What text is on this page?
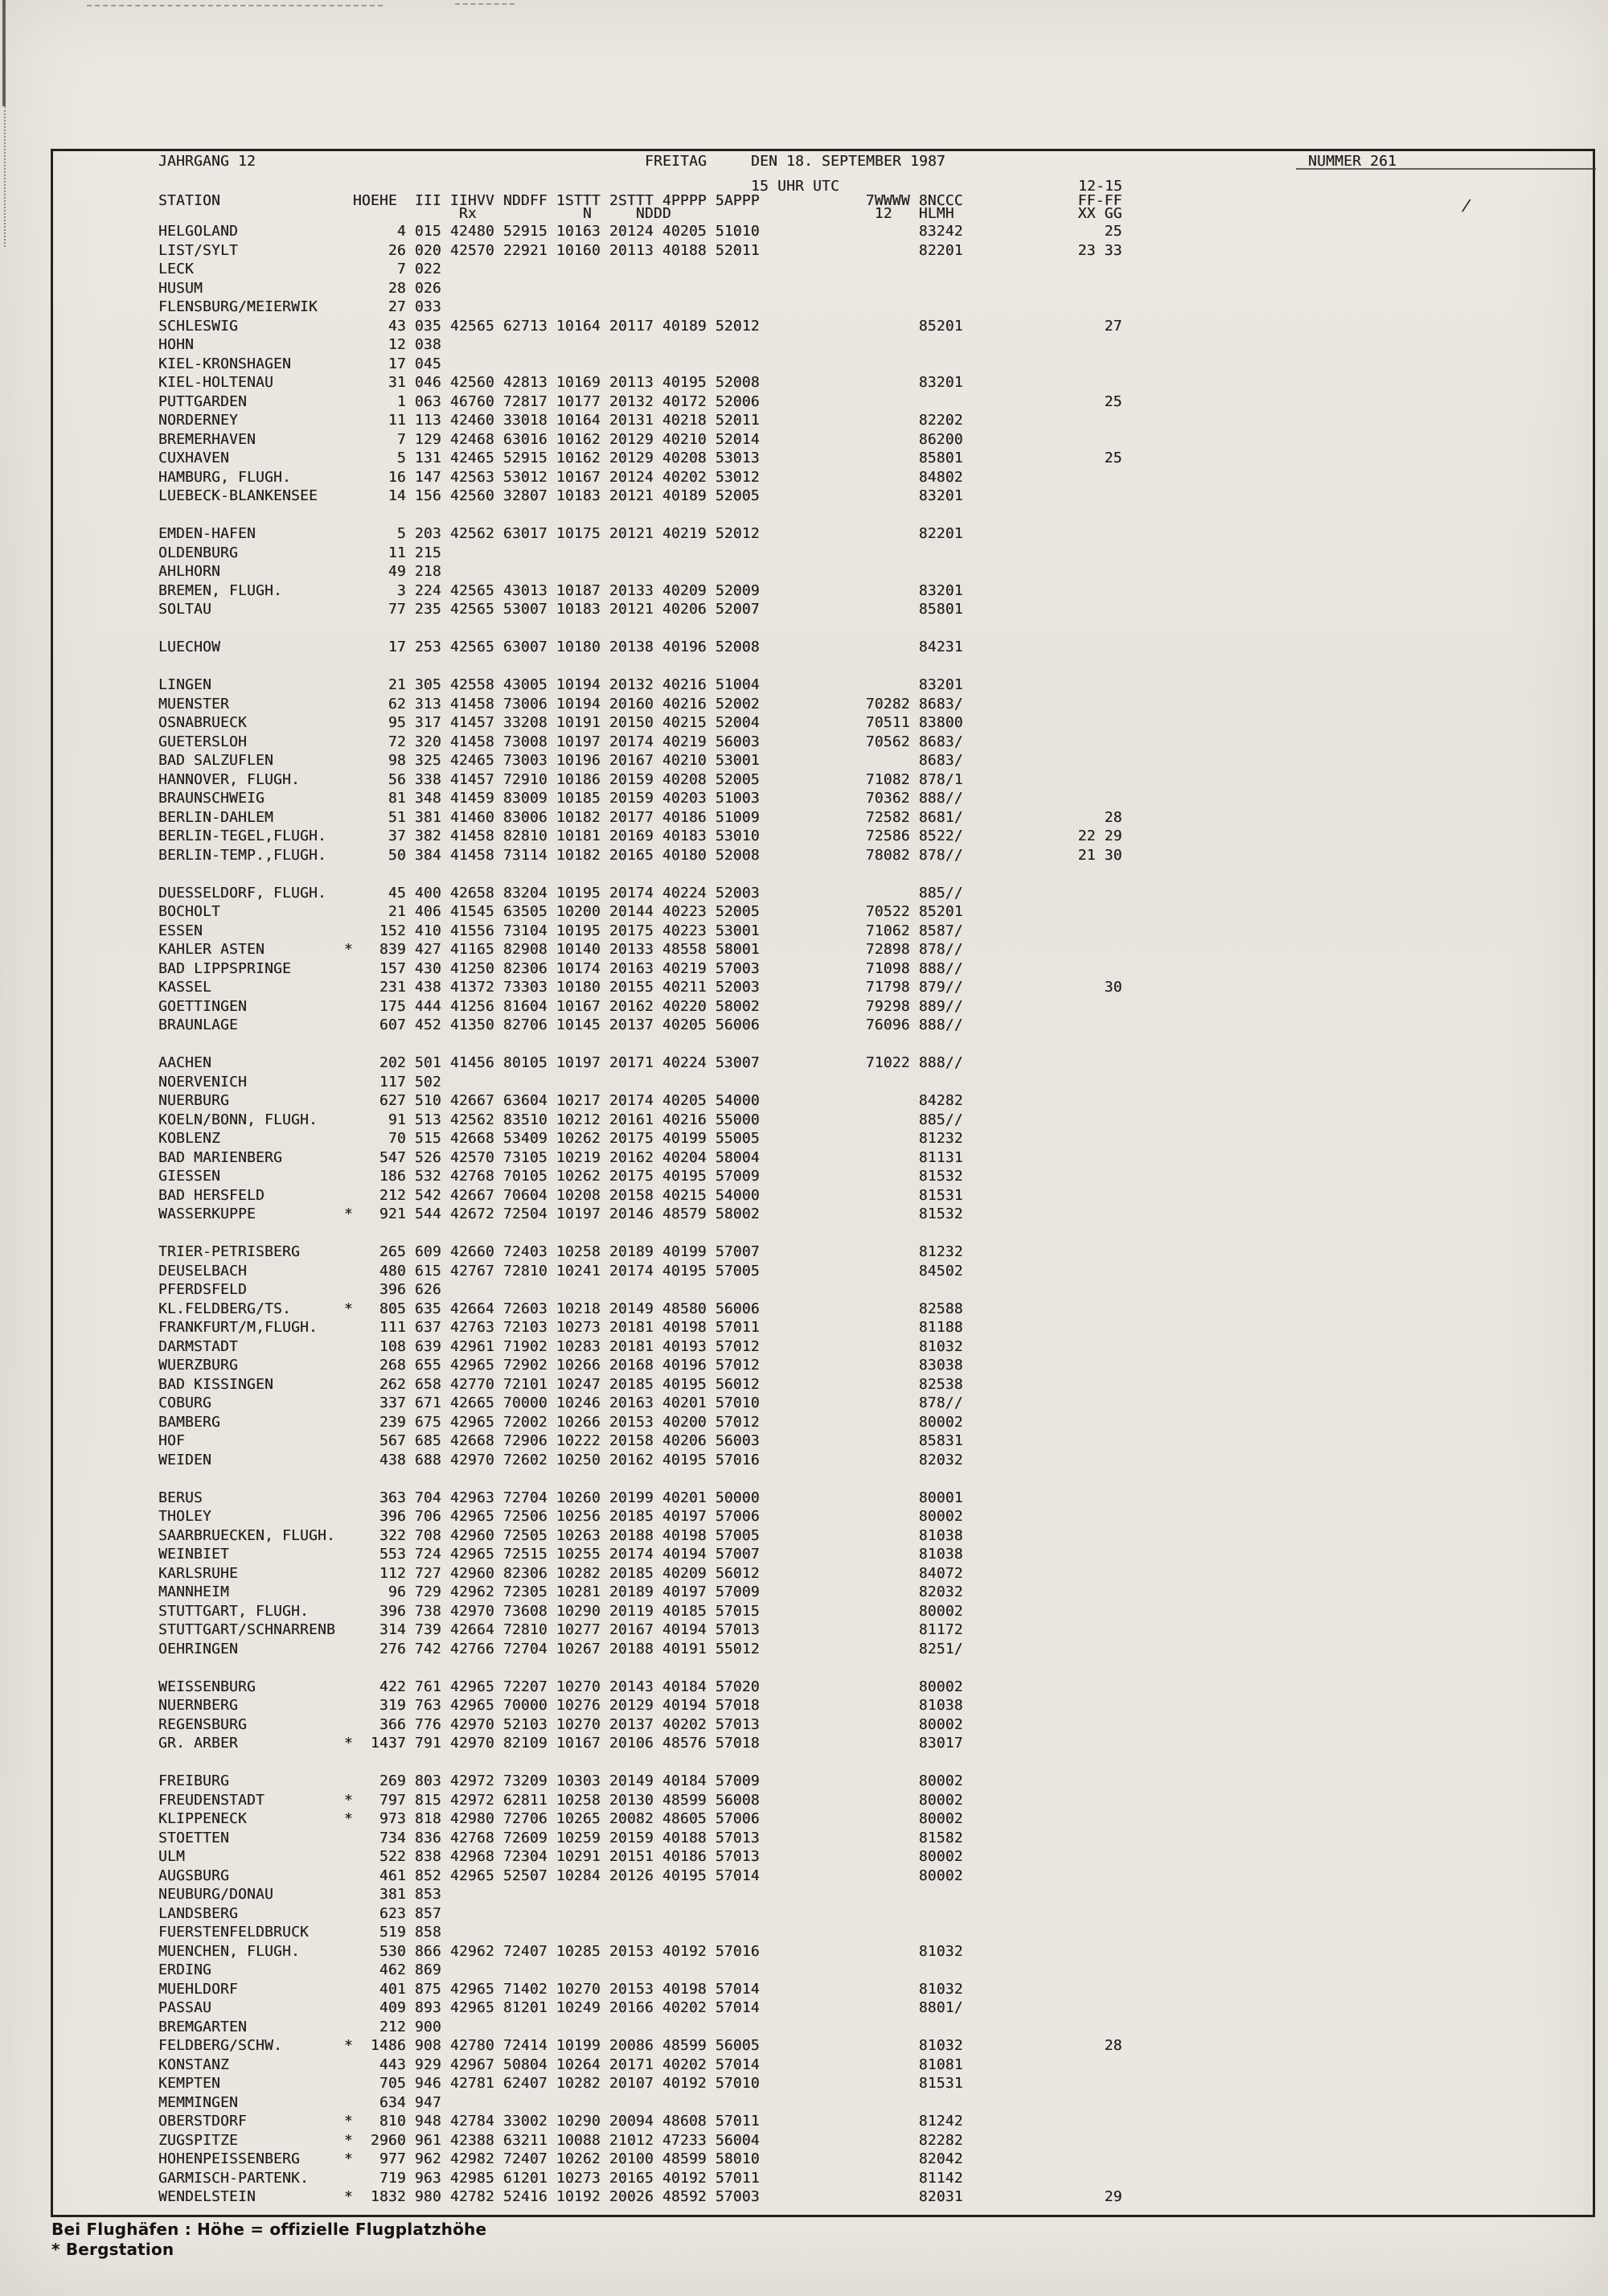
/
JAHRGANG 12	FREITAG	DEN 18. SEPTEMBER 1987	NUMMER 261
15 UHR UTC	12-15
STATION               HOEHE  III IIHVV NDDFF 1STTT 2STTT 4PPPP 5APPP            7WWWW 8NCCC             FF-FF
Rx            N     NDDD                       12   HLMH              XX GG
HELGOLAND                  4 015 42480 52915 10163 20124 40205 51010                  83242                25
LIST/SYLT                 26 020 42570 22921 10160 20113 40188 52011                  82201             23 33
LECK                       7 022
HUSUM                     28 026
FLENSBURG/MEIERWIK        27 033
SCHLESWIG                 43 035 42565 62713 10164 20117 40189 52012                  85201                27
HOHN                      12 038
KIEL-KRONSHAGEN           17 045
KIEL-HOLTENAU             31 046 42560 42813 10169 20113 40195 52008                  83201
PUTTGARDEN                 1 063 46760 72817 10177 20132 40172 52006                                       25
NORDERNEY                 11 113 42460 33018 10164 20131 40218 52011                  82202
BREMERHAVEN                7 129 42468 63016 10162 20129 40210 52014                  86200
CUXHAVEN                   5 131 42465 52915 10162 20129 40208 53013                  85801                25
HAMBURG, FLUGH.           16 147 42563 53012 10167 20124 40202 53012                  84802
LUEBECK-BLANKENSEE        14 156 42560 32807 10183 20121 40189 52005                  83201
EMDEN-HAFEN                5 203 42562 63017 10175 20121 40219 52012                  82201
OLDENBURG                 11 215
AHLHORN                   49 218
BREMEN, FLUGH.             3 224 42565 43013 10187 20133 40209 52009                  83201
SOLTAU                    77 235 42565 53007 10183 20121 40206 52007                  85801
LUECHOW                   17 253 42565 63007 10180 20138 40196 52008                  84231
LINGEN                    21 305 42558 43005 10194 20132 40216 51004                  83201
MUENSTER                  62 313 41458 73006 10194 20160 40216 52002            70282 8683/
OSNABRUECK                95 317 41457 33208 10191 20150 40215 52004            70511 83800
GUETERSLOH                72 320 41458 73008 10197 20174 40219 56003            70562 8683/
BAD SALZUFLEN             98 325 42465 73003 10196 20167 40210 53001                  8683/
HANNOVER, FLUGH.          56 338 41457 72910 10186 20159 40208 52005            71082 878/1
BRAUNSCHWEIG              81 348 41459 83009 10185 20159 40203 51003            70362 888//
BERLIN-DAHLEM             51 381 41460 83006 10182 20177 40186 51009            72582 8681/                28
BERLIN-TEGEL,FLUGH.       37 382 41458 82810 10181 20169 40183 53010            72586 8522/             22 29
BERLIN-TEMP.,FLUGH.       50 384 41458 73114 10182 20165 40180 52008            78082 878//             21 30
DUESSELDORF, FLUGH.       45 400 42658 83204 10195 20174 40224 52003                  885//
BOCHOLT                   21 406 41545 63505 10200 20144 40223 52005            70522 85201
ESSEN                    152 410 41556 73104 10195 20175 40223 53001            71062 8587/
KAHLER ASTEN         *   839 427 41165 82908 10140 20133 48558 58001            72898 878//
BAD LIPPSPRINGE          157 430 41250 82306 10174 20163 40219 57003            71098 888//
KASSEL                   231 438 41372 73303 10180 20155 40211 52003            71798 879//                30
GOETTINGEN               175 444 41256 81604 10167 20162 40220 58002            79298 889//
BRAUNLAGE                607 452 41350 82706 10145 20137 40205 56006            76096 888//
AACHEN                   202 501 41456 80105 10197 20171 40224 53007            71022 888//
NOERVENICH               117 502
NUERBURG                 627 510 42667 63604 10217 20174 40205 54000                  84282
KOELN/BONN, FLUGH.        91 513 42562 83510 10212 20161 40216 55000                  885//
KOBLENZ                   70 515 42668 53409 10262 20175 40199 55005                  81232
BAD MARIENBERG           547 526 42570 73105 10219 20162 40204 58004                  81131
GIESSEN                  186 532 42768 70105 10262 20175 40195 57009                  81532
BAD HERSFELD             212 542 42667 70604 10208 20158 40215 54000                  81531
WASSERKUPPE          *   921 544 42672 72504 10197 20146 48579 58002                  81532
TRIER-PETRISBERG         265 609 42660 72403 10258 20189 40199 57007                  81232
DEUSELBACH               480 615 42767 72810 10241 20174 40195 57005                  84502
PFERDSFELD               396 626
KL.FELDBERG/TS.      *   805 635 42664 72603 10218 20149 48580 56006                  82588
FRANKFURT/M,FLUGH.       111 637 42763 72103 10273 20181 40198 57011                  81188
DARMSTADT                108 639 42961 71902 10283 20181 40193 57012                  81032
WUERZBURG                268 655 42965 72902 10266 20168 40196 57012                  83038
BAD KISSINGEN            262 658 42770 72101 10247 20185 40195 56012                  82538
COBURG                   337 671 42665 70000 10246 20163 40201 57010                  878//
BAMBERG                  239 675 42965 72002 10266 20153 40200 57012                  80002
HOF                      567 685 42668 72906 10222 20158 40206 56003                  85831
WEIDEN                   438 688 42970 72602 10250 20162 40195 57016                  82032
BERUS                    363 704 42963 72704 10260 20199 40201 50000                  80001
THOLEY                   396 706 42965 72506 10256 20185 40197 57006                  80002
SAARBRUECKEN, FLUGH.     322 708 42960 72505 10263 20188 40198 57005                  81038
WEINBIET                 553 724 42965 72515 10255 20174 40194 57007                  81038
KARLSRUHE                112 727 42960 82306 10282 20185 40209 56012                  84072
MANNHEIM                  96 729 42962 72305 10281 20189 40197 57009                  82032
STUTTGART, FLUGH.        396 738 42970 73608 10290 20119 40185 57015                  80002
STUTTGART/SCHNARRENB     314 739 42664 72810 10277 20167 40194 57013                  81172
OEHRINGEN                276 742 42766 72704 10267 20188 40191 55012                  8251/
WEISSENBURG              422 761 42965 72207 10270 20143 40184 57020                  80002
NUERNBERG                319 763 42965 70000 10276 20129 40194 57018                  81038
REGENSBURG               366 776 42970 52103 10270 20137 40202 57013                  80002
GR. ARBER            *  1437 791 42970 82109 10167 20106 48576 57018                  83017
FREIBURG                 269 803 42972 73209 10303 20149 40184 57009                  80002
FREUDENSTADT         *   797 815 42972 62811 10258 20130 48599 56008                  80002
KLIPPENECK           *   973 818 42980 72706 10265 20082 48605 57006                  80002
STOETTEN                 734 836 42768 72609 10259 20159 40188 57013                  81582
ULM                      522 838 42968 72304 10291 20151 40186 57013                  80002
AUGSBURG                 461 852 42965 52507 10284 20126 40195 57014                  80002
NEUBURG/DONAU            381 853
LANDSBERG                623 857
FUERSTENFELDBRUCK        519 858
MUENCHEN, FLUGH.         530 866 42962 72407 10285 20153 40192 57016                  81032
ERDING                   462 869
MUEHLDORF                401 875 42965 71402 10270 20153 40198 57014                  81032
PASSAU                   409 893 42965 81201 10249 20166 40202 57014                  8801/
BREMGARTEN               212 900
FELDBERG/SCHW.       *  1486 908 42780 72414 10199 20086 48599 56005                  81032                28
KONSTANZ                 443 929 42967 50804 10264 20171 40202 57014                  81081
KEMPTEN                  705 946 42781 62407 10282 20107 40192 57010                  81531
MEMMINGEN                634 947
OBERSTDORF           *   810 948 42784 33002 10290 20094 48608 57011                  81242
ZUGSPITZE            *  2960 961 42388 63211 10088 21012 47233 56004                  82282
HOHENPEISSENBERG     *   977 962 42982 72407 10262 20100 48599 58010                  82042
GARMISCH-PARTENK.        719 963 42985 61201 10273 20165 40192 57011                  81142
WENDELSTEIN          *  1832 980 42782 52416 10192 20026 48592 57003                  82031                29
Bei Flughäfen : Höhe = offizielle Flugplatzhöhe
* Bergstation
